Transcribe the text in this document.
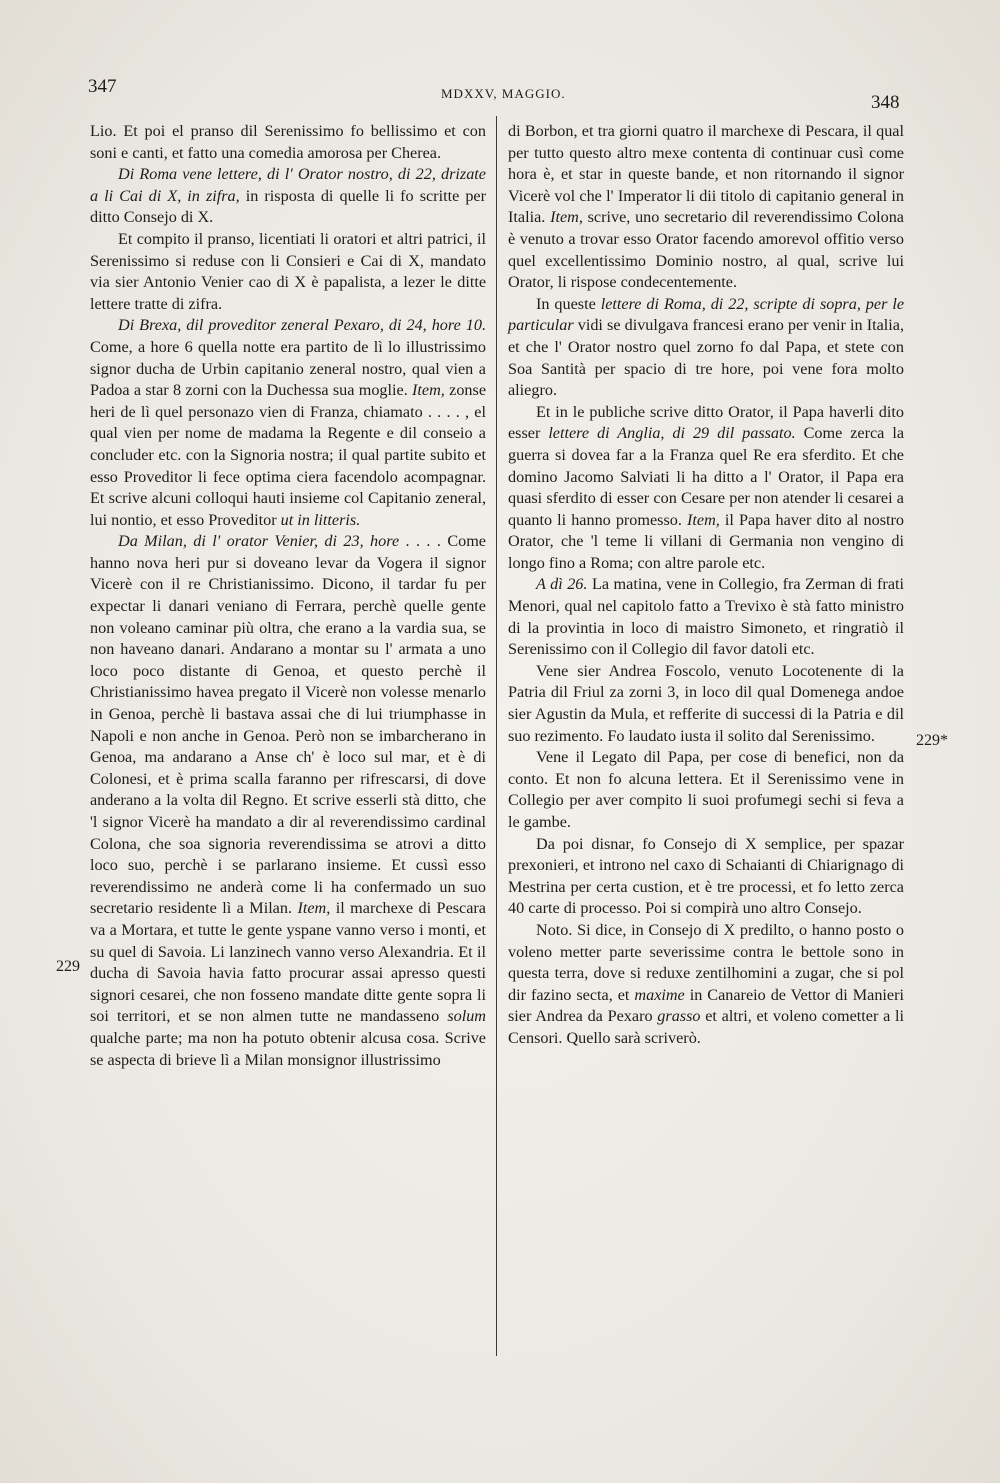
347	MDXXV, MAGGIO.	348

Lio. Et poi el pranso dil Serenissimo fo bellissimo et con soni e canti, et fatto una comedia amorosa per Cherea.

Di Roma vene lettere, di l' Orator nostro, di 22, drizate a li Cai di X, in zifra, in risposta di quelle li fo scritte per ditto Consejo di X.

Et compito il pranso, licentiati li oratori et altri patrici, il Serenissimo si reduse con li Consieri e Cai di X, mandato via sier Antonio Venier cao di X è papalista, a lezer le ditte lettere tratte di zifra.

Di Brexa, dil proveditor zeneral Pexaro, di 24, hore 10. Come, a hore 6 quella notte era partito de lì lo illustrissimo signor ducha de Urbin capitanio zeneral nostro, qual vien a Padoa a star 8 zorni con la Duchessa sua moglie. Item, zonse heri de lì quel personazo vien di Franza, chiamato . . . . , el qual vien per nome de madama la Regente e dil conseio a concluder etc. con la Signoria nostra; il qual partite subito et esso Proveditor li fece optima ciera facendolo acompagnar. Et scrive alcuni colloqui hauti insieme col Capitanio zeneral, lui nontio, et esso Proveditor ut in litteris.

Da Milan, di l' orator Venier, di 23, hore . . . . Come hanno nova heri pur si doveano levar da Vogera il signor Vicerè con il re Christianissimo. Dicono, il tardar fu per expectar li danari veniano di Ferrara, perchè quelle gente non voleano caminar più oltra, che erano a la vardia sua, se non haveano danari. Andarano a montar su l' armata a uno loco poco distante di Genoa, et questo perchè il Christianissimo havea pregato il Vicerè non volesse menarlo in Genoa, perchè li bastava assai che di lui triumphasse in Napoli e non anche in Genoa. Però non se imbarcherano in Genoa, ma andarano a Anse ch' è loco sul mar, et è di Colonesi, et è prima scalla faranno per rifrescarsi, di dove anderano a la volta dil Regno. Et scrive esserli stà ditto, che 'l signor Vicerè ha mandato a dir al reverendissimo cardinal Colona, che soa signoria reverendissima se atrovi a ditto loco suo, perchè i se parlarano insieme. Et cussì esso reverendissimo ne anderà come li ha confermado un suo secretario residente lì a Milan. Item, il marchexe di Pescara va a Mortara, et tutte le gente yspane vanno verso i monti, et su quel di Savoia. Li lanzinech vanno verso Alexandria. Et il ducha di Savoia havia fatto procurar assai apresso questi signori cesarei, che non fosseno mandate ditte gente sopra li soi territori, et se non almen tutte ne mandasseno solum qualche parte; ma non ha potuto obtenir alcusa cosa. Scrive se aspecta di brieve lì a Milan monsignor illustrissimo

di Borbon, et tra giorni quatro il marchexe di Pescara, il qual per tutto questo altro mexe contenta di continuar cusì come hora è, et star in queste bande, et non ritornando il signor Vicerè vol che l' Imperator li dii titolo di capitanio general in Italia. Item, scrive, uno secretario dil reverendissimo Colona è venuto a trovar esso Orator facendo amorevol offitio verso quel excellentissimo Dominio nostro, al qual, scrive lui Orator, li rispose condecentemente.

In queste lettere di Roma, di 22, scripte di sopra, per le particular vidi se divulgava francesi erano per venir in Italia, et che l' Orator nostro quel zorno fo dal Papa, et stete con Soa Santità per spacio di tre hore, poi vene fora molto aliegro.

Et in le publiche scrive ditto Orator, il Papa haverli dito esser lettere di Anglia, di 29 dil passato. Come zerca la guerra si dovea far a la Franza quel Re era sferdito. Et che domino Jacomo Salviati li ha ditto a l' Orator, il Papa era quasi sferdito di esser con Cesare per non atender li cesarei a quanto li hanno promesso. Item, il Papa haver dito al nostro Orator, che 'l teme li villani di Germania non vengino di longo fino a Roma; con altre parole etc.

A dì 26. La matina, vene in Collegio, fra Zerman di frati Menori, qual nel capitolo fatto a Trevixo è stà fatto ministro di la provintia in loco di maistro Simoneto, et ringratiò il Serenissimo con il Collegio dil favor datoli etc.

Vene sier Andrea Foscolo, venuto Locotenente di la Patria dil Friul za zorni 3, in loco dil qual Domenega andoe sier Agustin da Mula, et refferite di successi di la Patria e dil suo rezimento. Fo laudato iusta il solito dal Serenissimo.

Vene il Legato dil Papa, per cose di benefici, non da conto. Et non fo alcuna lettera. Et il Serenissimo vene in Collegio per aver compito li suoi profumegi sechi si feva a le gambe.

Da poi disnar, fo Consejo di X semplice, per spazar prexonieri, et introno nel caxo di Schaianti di Chiarignago di Mestrina per certa custion, et è tre processi, et fo letto zerca 40 carte di processo. Poi si compirà uno altro Consejo.

Noto. Si dice, in Consejo di X predilto, o hanno posto o voleno metter parte severissime contra le bettole sono in questa terra, dove si reduxe zentilhomini a zugar, che si pol dir fazino secta, et maxime in Canareio de Vettor di Manieri sier Andrea da Pexaro grasso et altri, et voleno cometter a li Censori. Quello sarà scriverò.

229
229*
